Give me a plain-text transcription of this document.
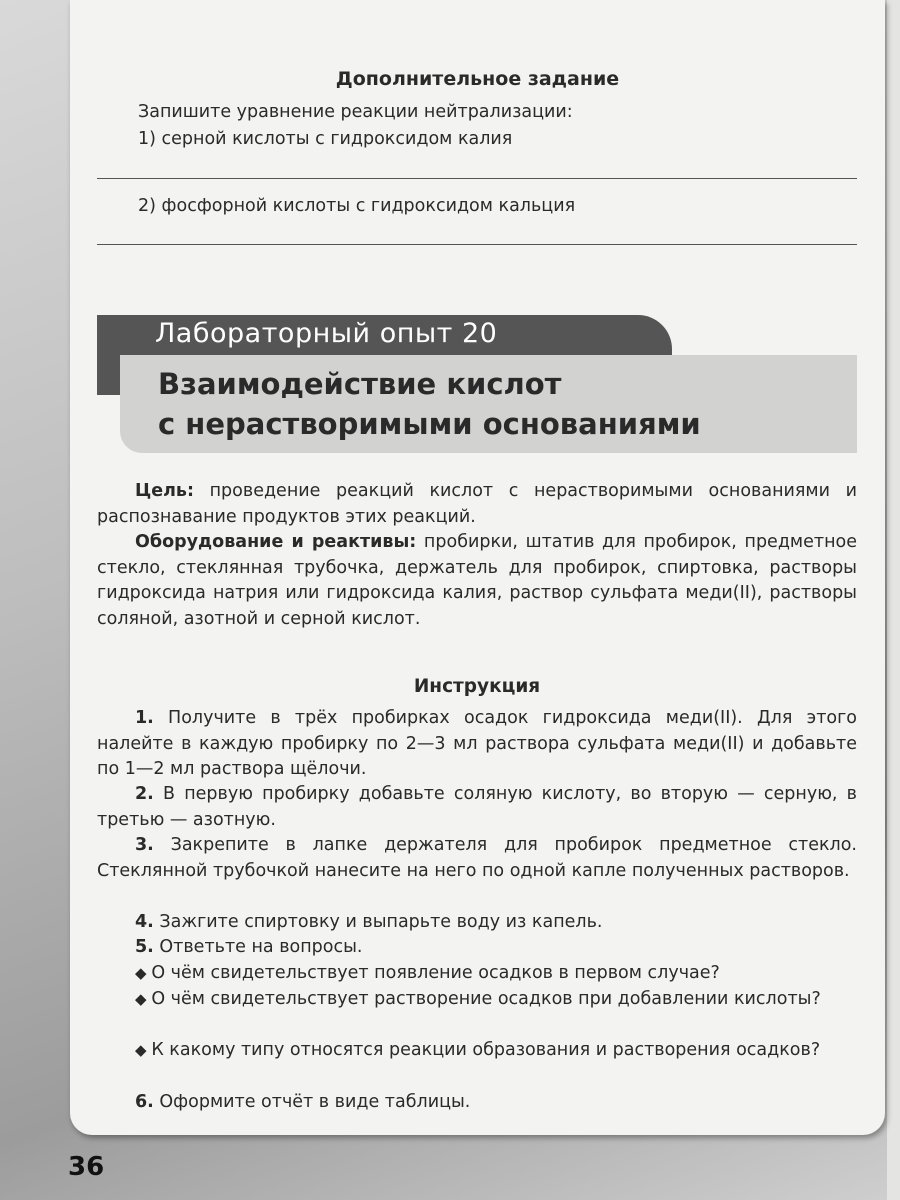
Дополнительное задание
Запишите уравнение реакции нейтрализации:
1) серной кислоты с гидроксидом калия
2) фосфорной кислоты с гидроксидом кальция
Лабораторный опыт 20
Взаимодействие кислот
с нерастворимыми основаниями
Цель: проведение реакций кислот с нерастворимыми основаниями и распознавание продуктов этих реакций.
Оборудование и реактивы: пробирки, штатив для пробирок, предметное стекло, стеклянная трубочка, держатель для пробирок, спиртовка, растворы гидроксида натрия или гидроксида калия, раствор сульфата меди(II), растворы соляной, азотной и серной кислот.
Инструкция
1. Получите в трёх пробирках осадок гидроксида меди(II). Для этого налейте в каждую пробирку по 2—3 мл раствора сульфата меди(II) и добавьте по 1—2 мл раствора щёлочи.
2. В первую пробирку добавьте соляную кислоту, во вторую — серную, в третью — азотную.
3. Закрепите в лапке держателя для пробирок предметное стекло. Стеклянной трубочкой нанесите на него по одной капле полученных растворов.
4. Зажгите спиртовку и выпарьте воду из капель.
5. Ответьте на вопросы.
◆ О чём свидетельствует появление осадков в первом случае?
◆ О чём свидетельствует растворение осадков при добавлении кислоты?
◆ К какому типу относятся реакции образования и растворения осадков?
6. Оформите отчёт в виде таблицы.
36
